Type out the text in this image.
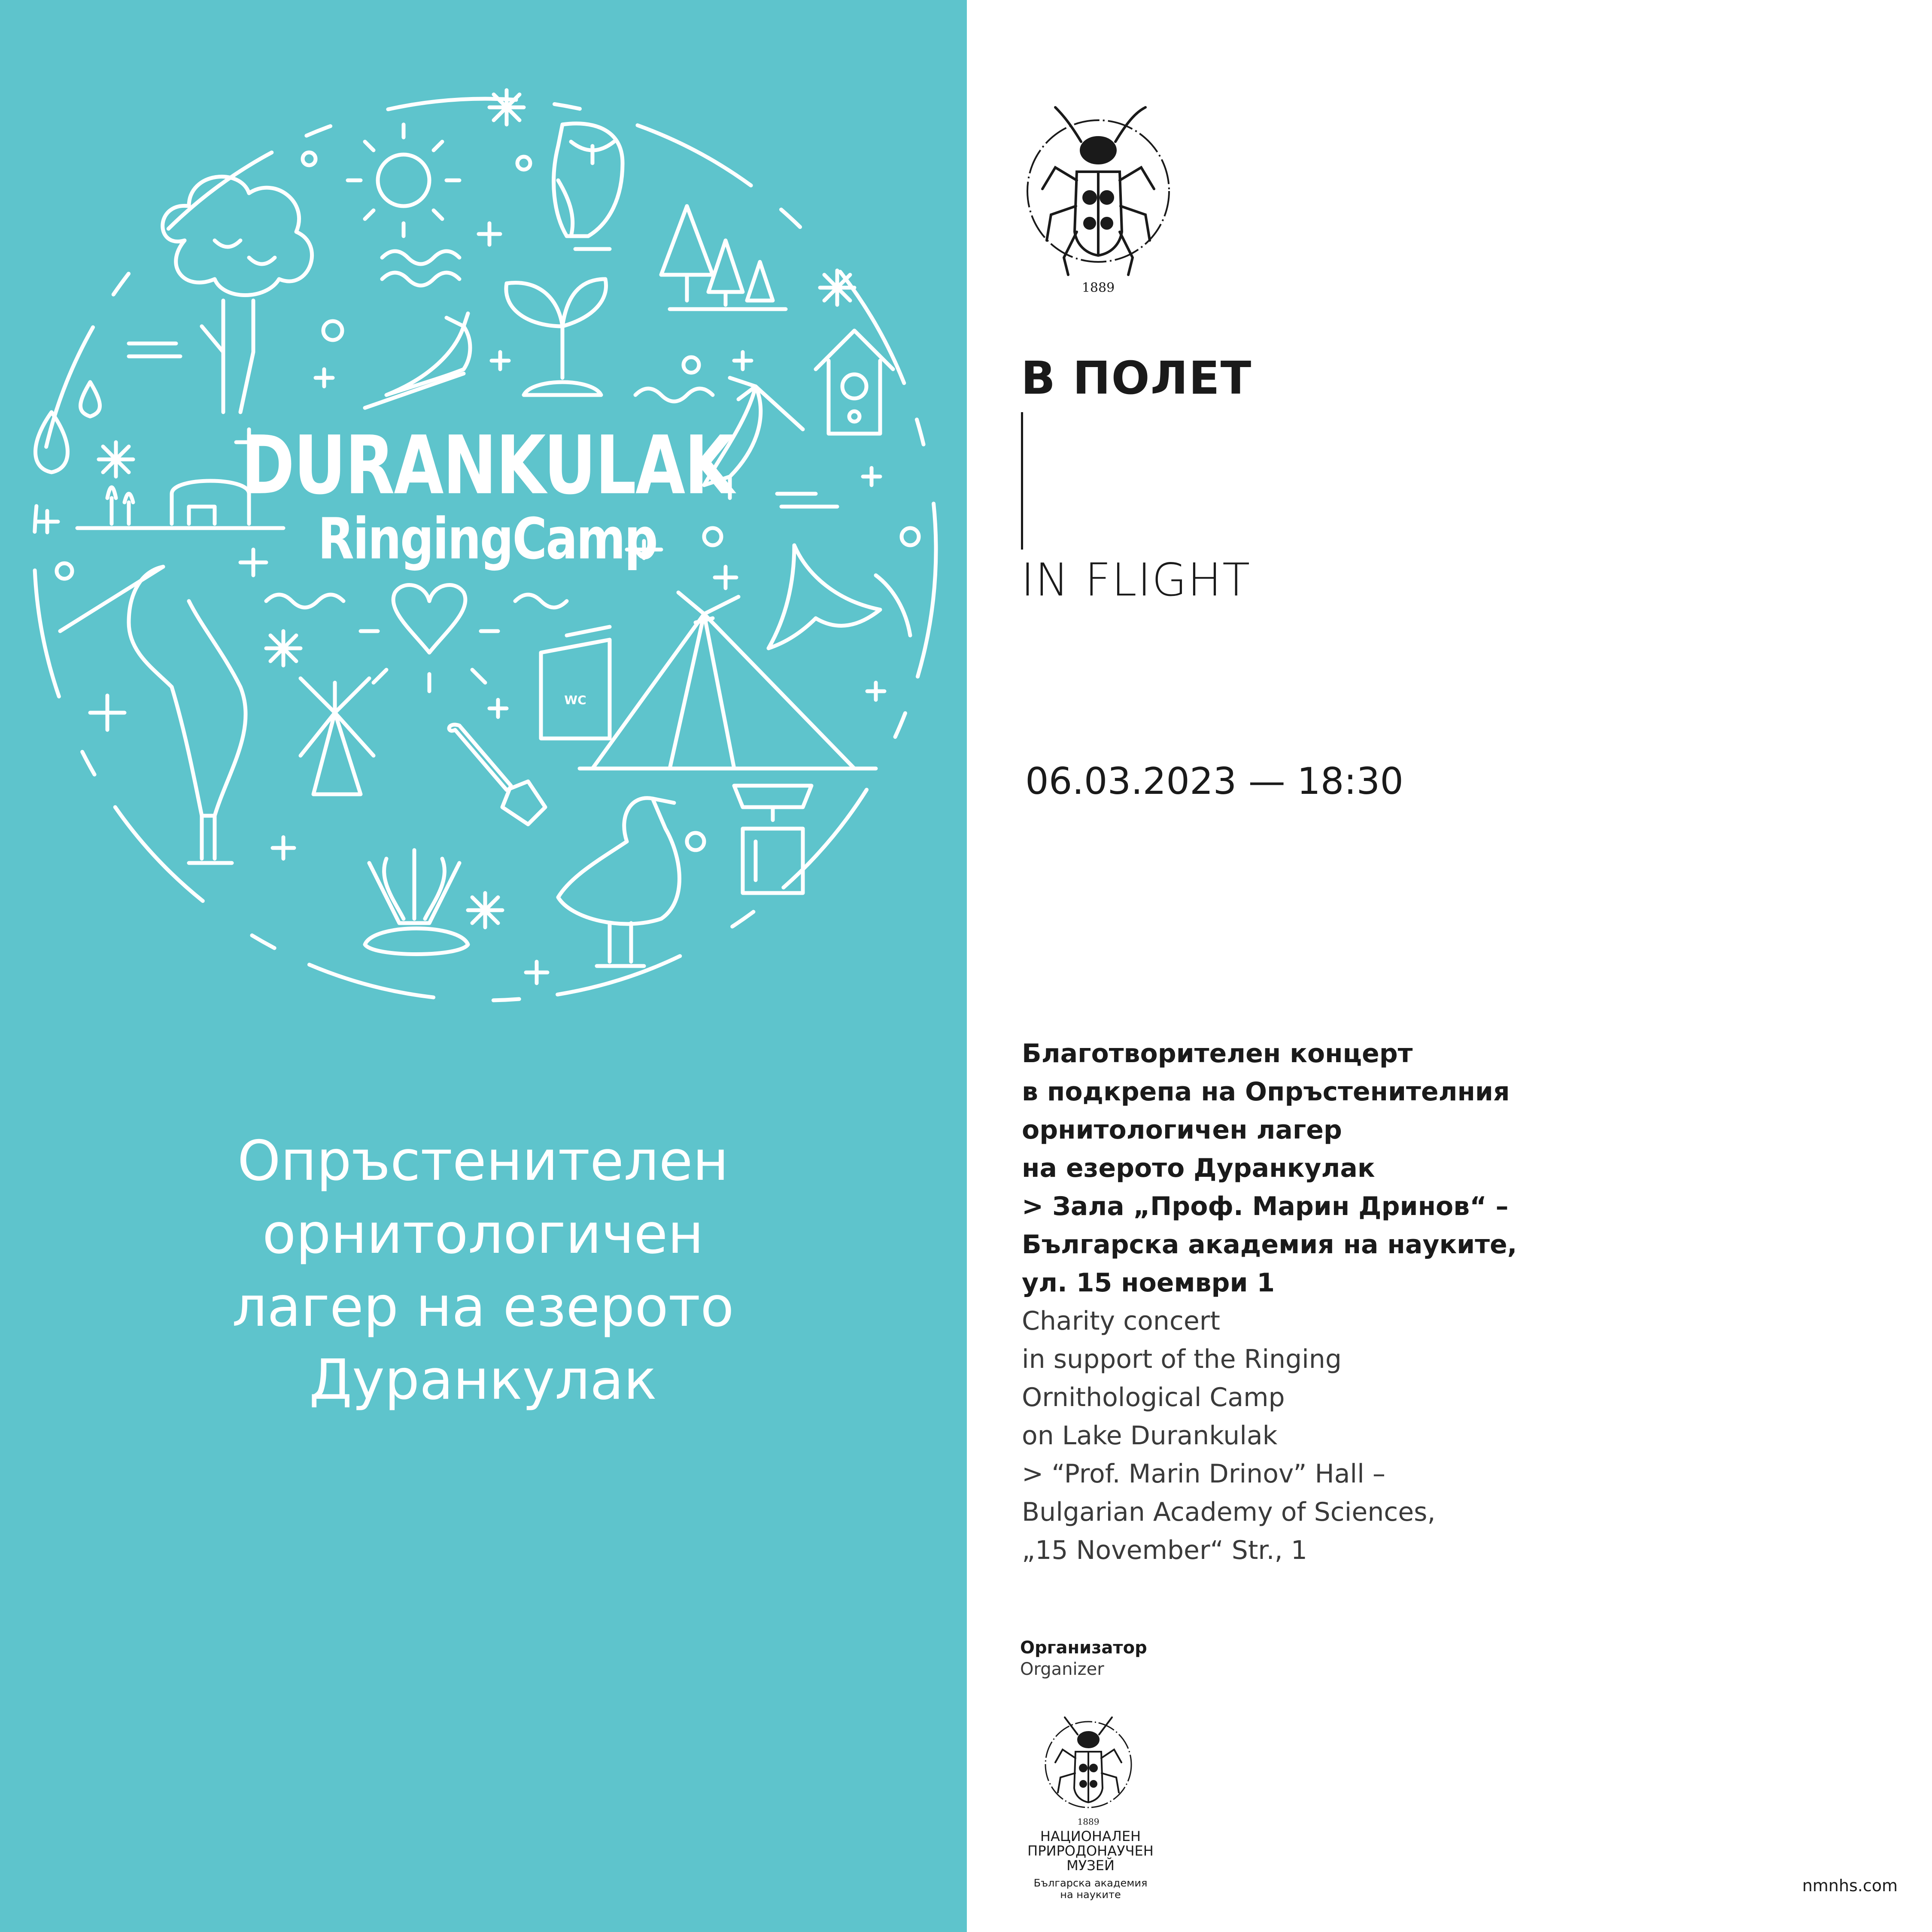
WC
DURANKULAK
RingingCamp
Опръстенителен
орнитологичен
лагер на езерото
Дуранкулак
1889
В ПОЛЕТ
IN FLIGHT
06.03.2023 — 18:30
Благотворителен концерт
в подкрепа на Опръстенителния
орнитологичен лагер
на езерото Дуранкулак
> Зала „Проф. Марин Дринов“ –
Българска академия на науките,
ул. 15 ноември 1
Charity concert
in support of the Ringing
Ornithological Camp
on Lake Durankulak
> “Prof. Marin Drinov” Hall –
Bulgarian Academy of Sciences,
„15 November“ Str., 1
Организатор
Organizer
1889
НАЦИОНАЛЕН
ПРИРОДОНАУЧЕН
МУЗЕЙ
Българска академия
на науките	nmnhs.com
